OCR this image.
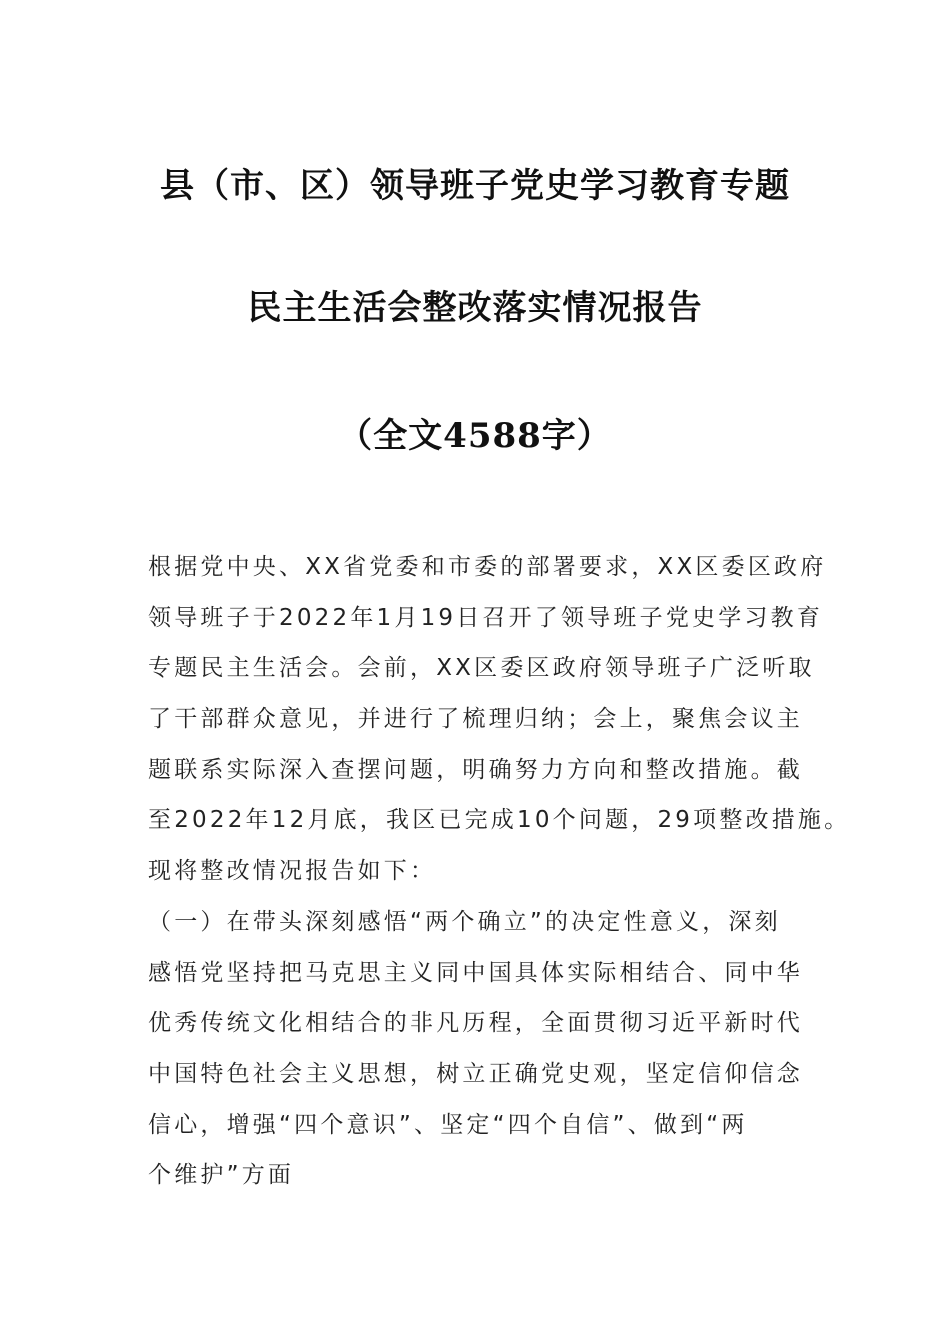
县（市、区）领导班子党史学习教育专题
民主生活会整改落实情况报告
（全文4588字）
根据党中央、XX省党委和市委的部署要求，XX区委区政府
领导班子于2022年1月19日召开了领导班子党史学习教育
专题民主生活会。会前，XX区委区政府领导班子广泛听取
了干部群众意见，并进行了梳理归纳；会上，聚焦会议主
题联系实际深入查摆问题，明确努力方向和整改措施。截
至2022年12月底，我区已完成10个问题，29项整改措施。
现将整改情况报告如下：
（一）在带头深刻感悟“两个确立”的决定性意义，深刻
感悟党坚持把马克思主义同中国具体实际相结合、同中华
优秀传统文化相结合的非凡历程，全面贯彻习近平新时代
中国特色社会主义思想，树立正确党史观，坚定信仰信念
信心，增强“四个意识”、坚定“四个自信”、做到“两
个维护”方面
